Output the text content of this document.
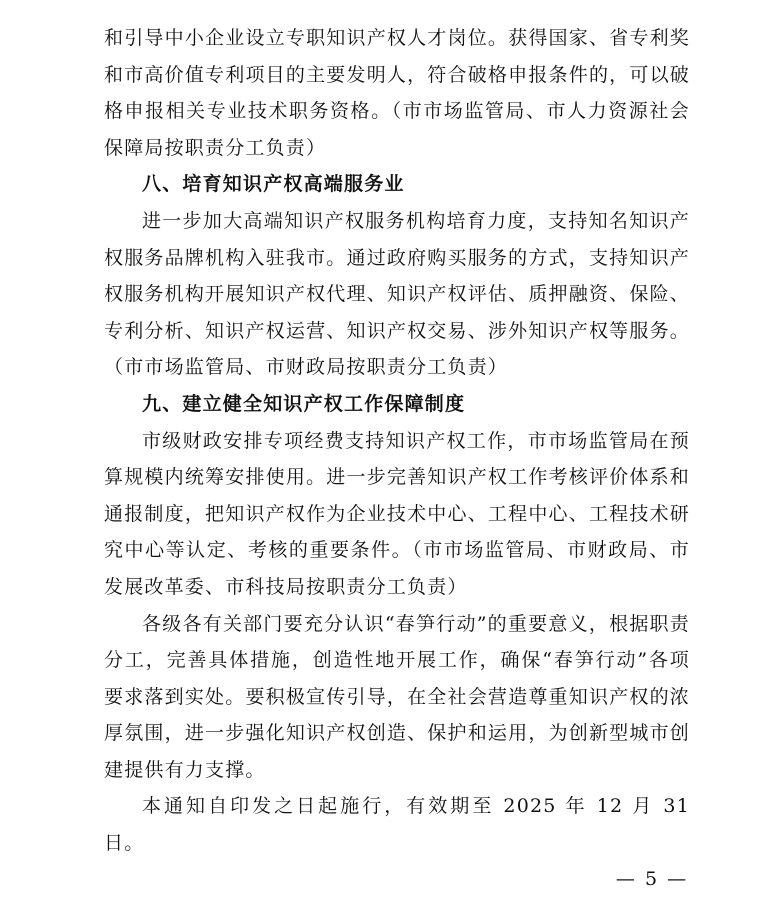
和引导中小企业设立专职知识产权人才岗位。获得国家、省专利奖和市高价值专利项目的主要发明人，符合破格申报条件的，可以破格申报相关专业技术职务资格。（市市场监管局、市人力资源社会保障局按职责分工负责）

八、培育知识产权高端服务业

进一步加大高端知识产权服务机构培育力度，支持知名知识产权服务品牌机构入驻我市。通过政府购买服务的方式，支持知识产权服务机构开展知识产权代理、知识产权评估、质押融资、保险、专利分析、知识产权运营、知识产权交易、涉外知识产权等服务。（市市场监管局、市财政局按职责分工负责）

九、建立健全知识产权工作保障制度

市级财政安排专项经费支持知识产权工作，市市场监管局在预算规模内统筹安排使用。进一步完善知识产权工作考核评价体系和通报制度，把知识产权作为企业技术中心、工程中心、工程技术研究中心等认定、考核的重要条件。（市市场监管局、市财政局、市发展改革委、市科技局按职责分工负责）

各级各有关部门要充分认识“春笋行动”的重要意义，根据职责分工，完善具体措施，创造性地开展工作，确保“春笋行动”各项要求落到实处。要积极宣传引导，在全社会营造尊重知识产权的浓厚氛围，进一步强化知识产权创造、保护和运用，为创新型城市创建提供有力支撑。

本通知自印发之日起施行，有效期至 2025 年 12 月 31 日。

— 5 —
